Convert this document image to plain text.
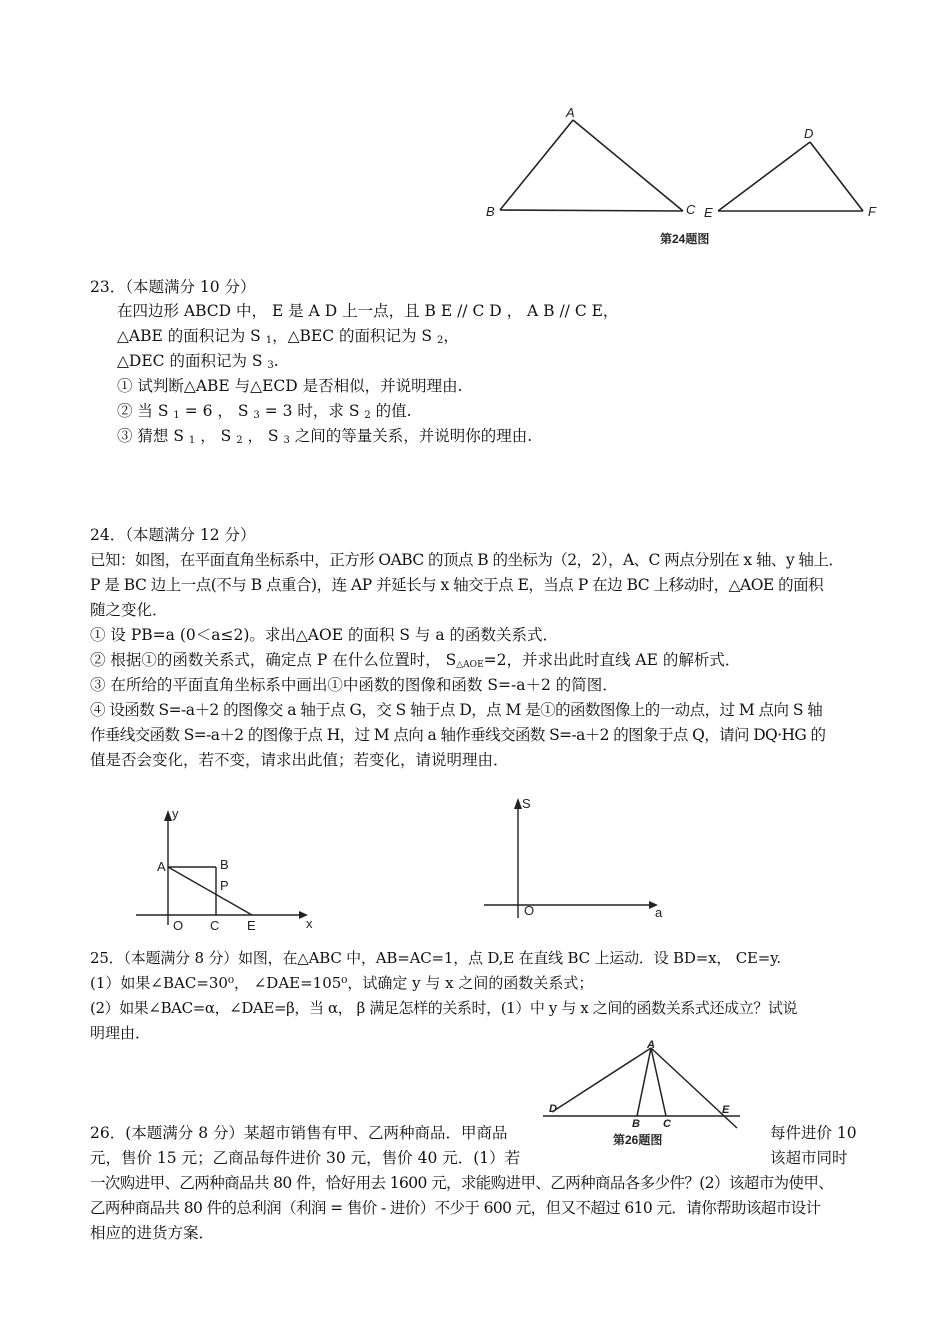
A
B	C
D
E	F
第24题图
23．（本题满分 10 分）
在四边形 ABCD 中， E 是 A D 上一点，且 B E // C D ， A B // C E，
△ABE 的面积记为 S $_1$，△BEC 的面积记为 S $_2$，
△DEC 的面积记为 S $_3$.
① 试判断△ABE 与△ECD 是否相似，并说明理由.
② 当 S $_1$ = 6 ， S $_3$ = 3 时，求 S $_2$ 的值.
③ 猜想 S $_1$ ， S $_2$ ， S $_3$ 之间的等量关系，并说明你的理由.
24．（本题满分 12 分）
已知：如图，在平面直角坐标系中，正方形 OABC 的顶点 B 的坐标为（2，2），A、C 两点分别在 x 轴、y 轴上．
P 是 BC 边上一点(不与 B 点重合)，连 AP 并延长与 x 轴交于点 E，当点 P 在边 BC 上移动时，△AOE 的面积
随之变化．
① 设 PB=a (0＜a≤2)。求出△AOE 的面积 S 与 a 的函数关系式．
② 根据①的函数关系式，确定点 P 在什么位置时， S△AOE=2，并求出此时直线 AE 的解析式．
③ 在所给的平面直角坐标系中画出①中函数的图像和函数 S=-a＋2 的简图．
④ 设函数 S=-a＋2 的图像交 a 轴于点 G，交 S 轴于点 D，点 M 是①的函数图像上的一动点，过 M 点向 S 轴
作垂线交函数 S=-a＋2 的图像于点 H，过 M 点向 a 轴作垂线交函数 S=-a＋2 的图象于点 Q，请问 DQ·HG 的
值是否会变化，若不变，请求出此值；若变化，请说明理由．
y
x
A	B
P
O C E
S
O	a
25．（本题满分 8 分）如图，在△ABC 中，AB=AC=1，点 D,E 在直线 BC 上运动．设 BD=x， CE=y.
(1）如果∠BAC=30⁰， ∠DAE=105⁰，试确定 y 与 x 之间的函数关系式；
(2）如果∠BAC=α，∠DAE=β，当 α， β 满足怎样的关系时，(1）中 y 与 x 之间的函数关系式还成立？试说
明理由．
A
D
B C
E
第26题图
26．(本题满分 8 分）某超市销售有甲、乙两种商品．甲商品	每件进价 10
元，售价 15 元；乙商品每件进价 30 元，售价 40 元．(1）若	该超市同时
一次购进甲、乙两种商品共 80 件，恰好用去 1600 元，求能购进甲、乙两种商品各多少件？(2）该超市为使甲、
乙两种商品共 80 件的总利润（利润 = 售价 - 进价）不少于 600 元，但又不超过 610 元．请你帮助该超市设计
相应的进货方案．
